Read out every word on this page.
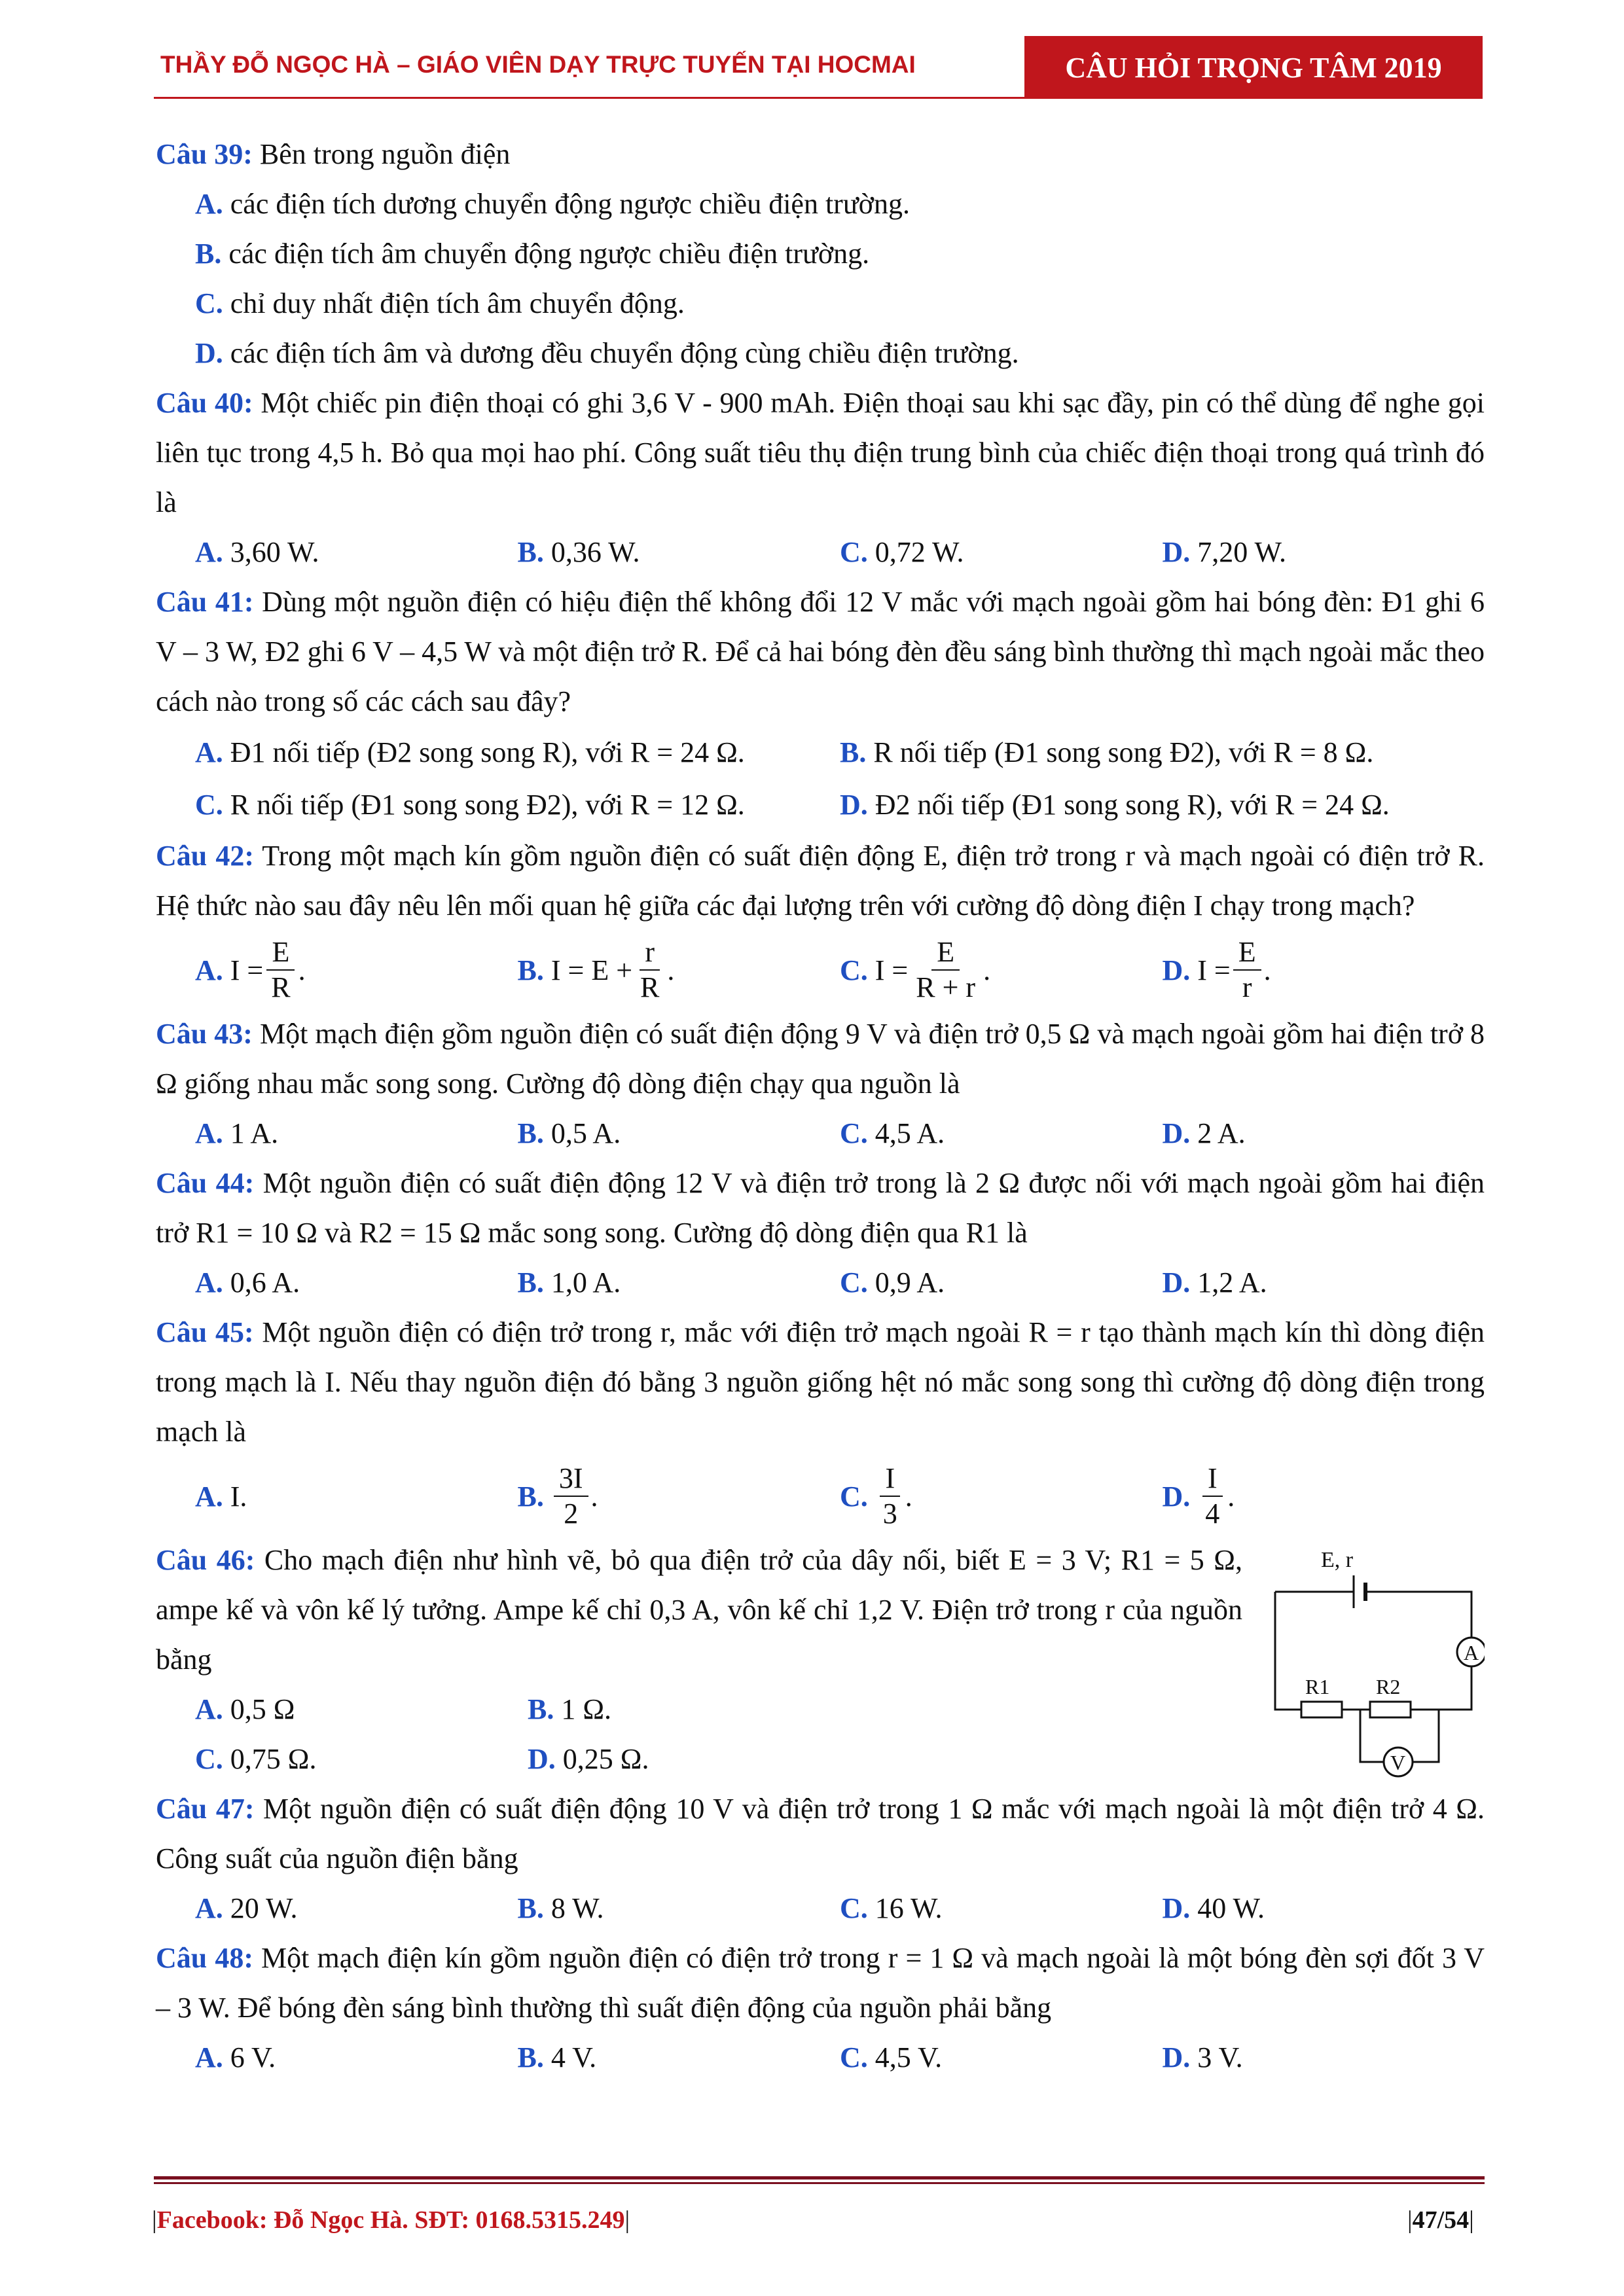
THẦY ĐỖ NGỌC HÀ – GIÁO VIÊN DẠY TRỰC TUYẾN TẠI HOCMAI	CÂU HỎI TRỌNG TÂM 2019
Câu 39: Bên trong nguồn điện
A. các điện tích dương chuyển động ngược chiều điện trường.
B. các điện tích âm chuyển động ngược chiều điện trường.
C. chỉ duy nhất điện tích âm chuyển động.
D. các điện tích âm và dương đều chuyển động cùng chiều điện trường.
Câu 40: Một chiếc pin điện thoại có ghi 3,6 V - 900 mAh. Điện thoại sau khi sạc đầy, pin có thể dùng để nghe gọi liên tục trong 4,5 h. Bỏ qua mọi hao phí. Công suất tiêu thụ điện trung bình của chiếc điện thoại trong quá trình đó là
A. 3,60 W.	B. 0,36 W.	C. 0,72 W.	D. 7,20 W.
Câu 41: Dùng một nguồn điện có hiệu điện thế không đổi 12 V mắc với mạch ngoài gồm hai bóng đèn: Đ1 ghi 6 V – 3 W, Đ2 ghi 6 V – 4,5 W và một điện trở R. Để cả hai bóng đèn đều sáng bình thường thì mạch ngoài mắc theo cách nào trong số các cách sau đây?
A. Đ1 nối tiếp (Đ2 song song R), với R = 24 Ω.	B. R nối tiếp (Đ1 song song Đ2), với R = 8 Ω.
C. R nối tiếp (Đ1 song song Đ2), với R = 12 Ω.	D. Đ2 nối tiếp (Đ1 song song R), với R = 24 Ω.
Câu 42: Trong một mạch kín gồm nguồn điện có suất điện động E, điện trở trong r và mạch ngoài có điện trở R. Hệ thức nào sau đây nêu lên mối quan hệ giữa các đại lượng trên với cường độ dòng điện I chạy trong mạch?
A.
$I = \frac{E}{R}$ .	B.
$I = E + \frac{r}{R}$ .	C.
$I = \frac{E}{R + r}$ .	D.
$I = \frac{E}{r}$ .
Câu 43: Một mạch điện gồm nguồn điện có suất điện động 9 V và điện trở 0,5 Ω và mạch ngoài gồm hai điện trở 8 Ω giống nhau mắc song song. Cường độ dòng điện chạy qua nguồn là
A. 1 A.	B. 0,5 A.	C. 4,5 A.	D. 2 A.
Câu 44: Một nguồn điện có suất điện động 12 V và điện trở trong là 2 Ω được nối với mạch ngoài gồm hai điện trở R1 = 10 Ω và R2 = 15 Ω mắc song song. Cường độ dòng điện qua R1 là
A. 0,6 A.	B. 1,0 A.	C. 0,9 A.	D. 1,2 A.
Câu 45: Một nguồn điện có điện trở trong r, mắc với điện trở mạch ngoài R = r tạo thành mạch kín thì dòng điện trong mạch là I. Nếu thay nguồn điện đó bằng 3 nguồn giống hệt nó mắc song song thì cường độ dòng điện trong mạch là
A.
I.	B.
$\frac{3I}{2}$ .	C.
$\frac{I}{3}$ .	D.
$\frac{I}{4}$ .
Câu 46: Cho mạch điện như hình vẽ, bỏ qua điện trở của dây nối, biết E = 3 V; R1 = 5 Ω, ampe kế và vôn kế lý tưởng. Ampe kế chỉ 0,3 A, vôn kế chỉ 1,2 V. Điện trở trong r của nguồn bằng
A. 0,5 Ω	B. 1 Ω.
C. 0,75 Ω.	D. 0,25 Ω.
E, r
A
V
R1 R2
Câu 47: Một nguồn điện có suất điện động 10 V và điện trở trong 1 Ω mắc với mạch ngoài là một điện trở 4 Ω. Công suất của nguồn điện bằng
A. 20 W.	B. 8 W.	C. 16 W.	D. 40 W.
Câu 48: Một mạch điện kín gồm nguồn điện có điện trở trong r = 1 Ω và mạch ngoài là một bóng đèn sợi đốt 3 V – 3 W. Để bóng đèn sáng bình thường thì suất điện động của nguồn phải bằng
A. 6 V.	B. 4 V.	C. 4,5 V.	D. 3 V.
|Facebook: Đỗ Ngọc Hà. SĐT: 0168.5315.249|	|47/54|
